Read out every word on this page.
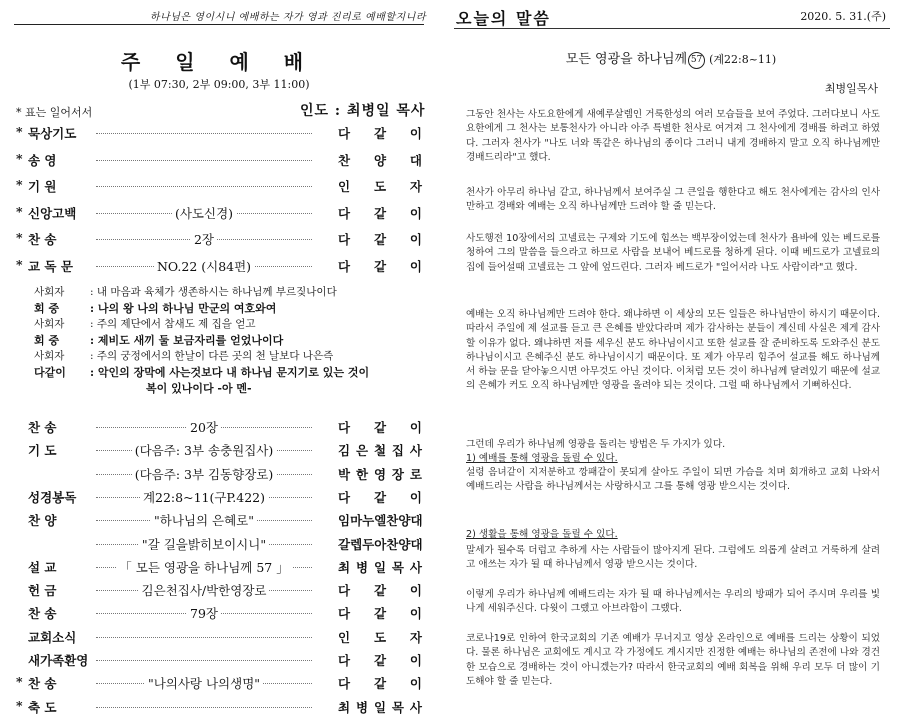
하나님은 영이시니 예배하는 자가 영과 진리로 예배할지니라
주 일 예 배
(1부 07:30, 2부 09:00, 3부 11:00)
* 표는 일어서서	인도 : 최병일 목사
* 묵상기도	다 같 이
* 송 영	찬 양 대
* 기 원	인 도 자
* 신앙고백	(사도신경)	다 같 이
* 찬 송	2장	다 같 이
* 교 독 문	NO.22 (시84편)	다 같 이
사회자 : 내 마음과 육체가 생존하시는 하나님께 부르짖나이다
회 중	: 나의 왕 나의 하나님 만군의 여호와여
사회자 : 주의 제단에서 참새도 제 집을 얻고
회 중	: 제비도 새끼 둘 보금자리를 얻었나이다
사회자 : 주의 궁정에서의 한날이 다른 곳의 천 날보다 나은즉
다같이 : 악인의 장막에 사는것보다 내 하나님 문지기로 있는 것이
복이 있나이다 -아 멘-
찬 송	20장	다 같 이
기 도	(다음주: 3부 송충원집사)	김 은 철 집 사
(다음주: 3부 김동향장로)	박 한 영 장 로
성경봉독	계22:8~11(구P.422)	다 같 이
찬 양	"하나님의 은혜로"	임마누엘찬양대
"갈 길을밝히보이시니"	갈렙두아찬양대
설 교	「 모든 영광을 하나님께 57 」	최 병 일 목 사
헌 금	김은천집사/박한영장로	다 같 이
찬 송	79장	다 같 이
교회소식	인 도 자
새가족환영	다 같 이
* 찬 송	"나의사랑 나의생명"	다 같 이
* 축 도	최 병 일 목 사
오늘의 말씀	2020. 5. 31.(주)
모든 영광을 하나님께 57 (계22:8~11)
최병일목사

그동안 천사는 사도요한에게 새예루살렘인 거룩한성의 여러 모습들을 보여 주었다. 그러다보니 사도요한에게 그 천사는 보통천사가 아니라 아주 특별한 천사로 여겨져 그 천사에게 경배를 하려고 하였다. 그러자 천사가 "나도 너와 똑같은 하나님의 종이다 그러니 내게 경배하지 말고 오직 하나님께만 경배드리라"고 했다.

천사가 아무리 하나님 같고, 하나님께서 보여주실 그 큰일을 행한다고 해도 천사에게는 감사의 인사만하고 경배와 예배는 오직 하나님께만 드려야 할 줄 믿는다.

사도행전 10장에서의 고넬료는 구제와 기도에 힘쓰는 백부장이었는데 천사가 욥바에 있는 베드로를 청하여 그의 말씀을 들으라고 하므로 사람을 보내어 베드로를 청하게 된다. 이때 베드로가 고넬료의 집에 들어설때 고넬료는 그 앞에 엎드린다. 그러자 베드로가 "일어서라 나도 사람이라"고 했다.

예배는 오직 하나님께만 드려야 한다. 왜냐하면 이 세상의 모든 일들은 하나님만이 하시기 때문이다. 따라서 주일에 제 설교를 듣고 큰 은혜를 받았다라며 제가 감사하는 분들이 계신데 사실은 제게 감사할 이유가 없다. 왜냐하면 저를 세우신 분도 하나님이시고 또한 설교를 잘 준비하도록 도와주신 분도 하나님이시고 은혜주신 분도 하나님이시기 때문이다. 또 제가 아무리 힘주어 설교를 해도 하나님께서 하늘 문을 닫아놓으시면 아무것도 아닌 것이다. 이처럼 모든 것이 하나님께 달려있기 때문에 설교의 은혜가 커도 오직 하나님께만 영광을 올려야 되는 것이다. 그럴 때 하나님께서 기뻐하신다.

그런데 우리가 하나님께 영광을 돌리는 방법은 두 가지가 있다.

1) 예배를 통해 영광을 돌릴 수 있다.

설령 음녀같이 지저분하고 깡패같이 못되게 살아도 주일이 되면 가슴을 치며 회개하고 교회 나와서 예배드리는 사람을 하나님께서는 사랑하시고 그를 통해 영광 받으시는 것이다.

2) 생활을 통해 영광을 돌릴 수 있다.

말세가 될수록 더럽고 추하게 사는 사람들이 많아지게 된다. 그럼에도 의롭게 살려고 거룩하게 살려고 애쓰는 자가 될 때 하나님께서 영광 받으시는 것이다.

이렇게 우리가 하나님께 예배드리는 자가 될 때 하나님께서는 우리의 방패가 되어 주시며 우리를 빛나게 세워주신다. 다윗이 그랬고 아브라함이 그랬다.

코로나19로 인하여 한국교회의 기존 예배가 무너지고 영상 온라인으로 예배를 드리는 상황이 되었다. 물론 하나님은 교회에도 계시고 각 가정에도 계시지만 진정한 예배는 하나님의 존전에 나와 경건한 모습으로 경배하는 것이 아니겠는가? 따라서 한국교회의 예배 회복을 위해 우리 모두 더 많이 기도해야 할 줄 믿는다.
